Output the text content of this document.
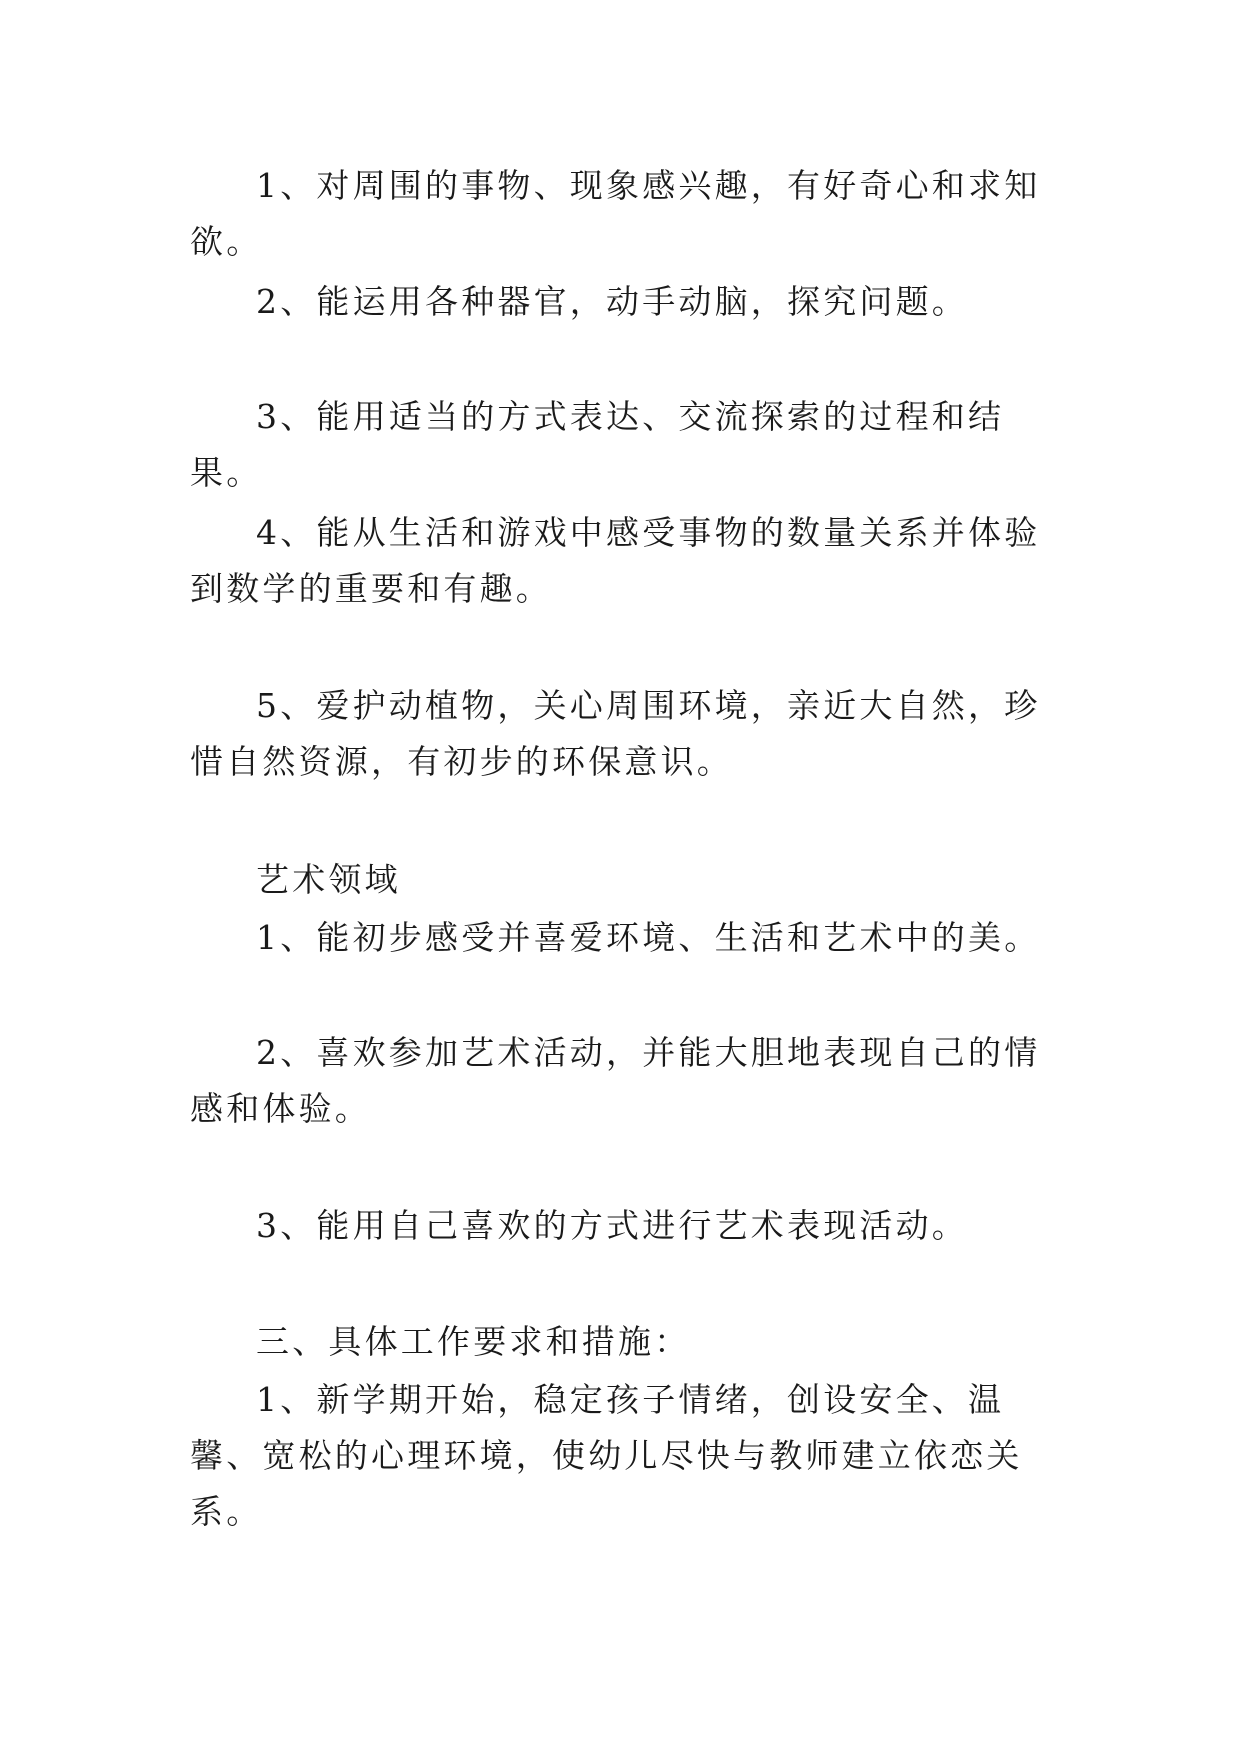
1、对周围的事物、现象感兴趣，有好奇心和求知欲。

2、能运用各种器官，动手动脑，探究问题。

3、能用适当的方式表达、交流探索的过程和结果。

4、能从生活和游戏中感受事物的数量关系并体验到数学的重要和有趣。

5、爱护动植物，关心周围环境，亲近大自然，珍惜自然资源，有初步的环保意识。

艺术领域

1、能初步感受并喜爱环境、生活和艺术中的美。

2、喜欢参加艺术活动，并能大胆地表现自己的情感和体验。

3、能用自己喜欢的方式进行艺术表现活动。

三、具体工作要求和措施：

1、新学期开始，稳定孩子情绪，创设安全、温馨、宽松的心理环境，使幼儿尽快与教师建立依恋关系。
